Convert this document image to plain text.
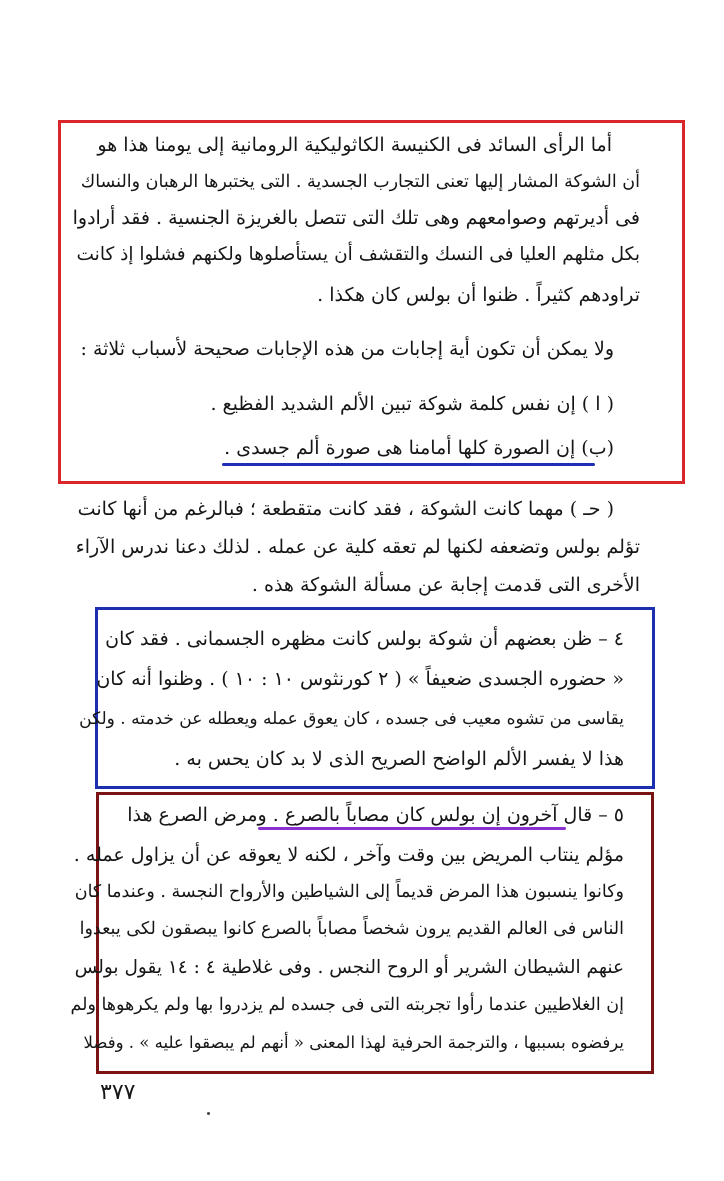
أما الرأى السائد فى الكنيسة الكاثوليكية الرومانية إلى يومنا هذا هو
أن الشوكة المشار إليها تعنى التجارب الجسدية . التى يختبرها الرهبان والنساك
فى أديرتهم وصوامعهم وهى تلك التى تتصل بالغريزة الجنسية . فقد أرادوا
بكل مثلهم العليا فى النسك والتقشف أن يستأصلوها ولكنهم فشلوا إذ كانت
تراودهم كثيراً . ظنوا أن بولس كان هكذا .
ولا يمكن أن تكون أية إجابات من هذه الإجابات صحيحة لأسباب ثلاثة :
( ا ) إن نفس كلمة شوكة تبين الألم الشديد الفظيع .
(ب) إن الصورة كلها أمامنا هى صورة ألم جسدى .
( حـ ) مهما كانت الشوكة ، فقد كانت متقطعة ؛ فبالرغم من أنها كانت
تؤلم بولس وتضعفه لكنها لم تعقه كلية عن عمله . لذلك دعنا ندرس الآراء
الأخرى التى قدمت إجابة عن مسألة الشوكة هذه .
٤ – ظن بعضهم أن شوكة بولس كانت مظهره الجسمانى . فقد كان
« حضوره الجسدى ضعيفاً » ( ٢ كورنثوس ١٠ : ١٠ ) . وظنوا أنه كان
يقاسى من تشوه معيب فى جسده ، كان يعوق عمله ويعطله عن خدمته . ولكن
هذا لا يفسر الألم الواضح الصريح الذى لا بد كان يحس به .
٥ – قال آخرون إن بولس كان مصاباً بالصرع . ومرض الصرع هذا
مؤلم ينتاب المريض بين وقت وآخر ، لكنه لا يعوقه عن أن يزاول عمله .
وكانوا ينسبون هذا المرض قديماً إلى الشياطين والأرواح النجسة . وعندما كان
الناس فى العالم القديم يرون شخصاً مصاباً بالصرع كانوا يبصقون لكى يبعدوا
عنهم الشيطان الشرير أو الروح النجس . وفى غلاطية ٤ : ١٤ يقول بولس
إن الغلاطيين عندما رأوا تجربته التى فى جسده لم يزدروا بها ولم يكرهوها ولم
يرفضوه بسببها ، والترجمة الحرفية لهذا المعنى « أنهم لم يبصقوا عليه » . وفضلا
٣٧٧
